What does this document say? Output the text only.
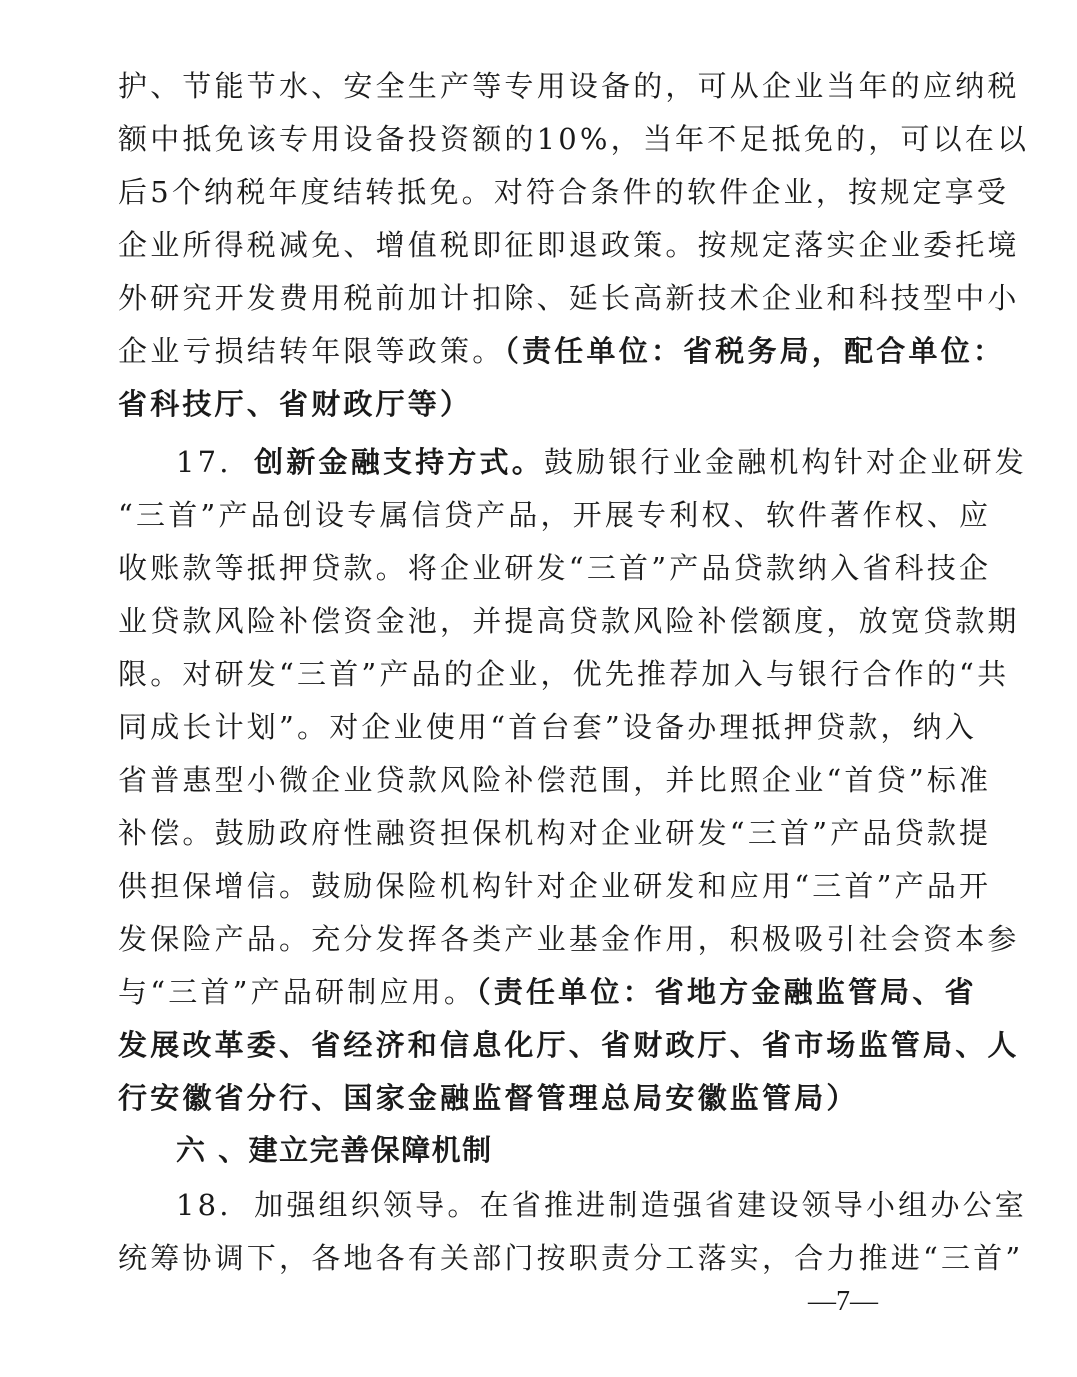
护、节能节水、安全生产等专用设备的，可从企业当年的应纳税
额中抵免该专用设备投资额的10%，当年不足抵免的，可以在以
后5个纳税年度结转抵免。对符合条件的软件企业，按规定享受
企业所得税减免、增值税即征即退政策。按规定落实企业委托境
外研究开发费用税前加计扣除、延长高新技术企业和科技型中小
企业亏损结转年限等政策。（责任单位：省税务局，配合单位：
省科技厅、省财政厅等）
17. 创新金融支持方式。鼓励银行业金融机构针对企业研发
“三首”产品创设专属信贷产品，开展专利权、软件著作权、应
收账款等抵押贷款。将企业研发“三首”产品贷款纳入省科技企
业贷款风险补偿资金池，并提高贷款风险补偿额度，放宽贷款期
限。对研发“三首”产品的企业，优先推荐加入与银行合作的“共
同成长计划”。对企业使用“首台套”设备办理抵押贷款，纳入
省普惠型小微企业贷款风险补偿范围，并比照企业“首贷”标准
补偿。鼓励政府性融资担保机构对企业研发“三首”产品贷款提
供担保增信。鼓励保险机构针对企业研发和应用“三首”产品开
发保险产品。充分发挥各类产业基金作用，积极吸引社会资本参
与“三首”产品研制应用。（责任单位：省地方金融监管局、省
发展改革委、省经济和信息化厅、省财政厅、省市场监管局、人
行安徽省分行、国家金融监督管理总局安徽监管局）
六 、建立完善保障机制
18. 加强组织领导。在省推进制造强省建设领导小组办公室
统筹协调下，各地各有关部门按职责分工落实，合力推进“三首”
—7—
